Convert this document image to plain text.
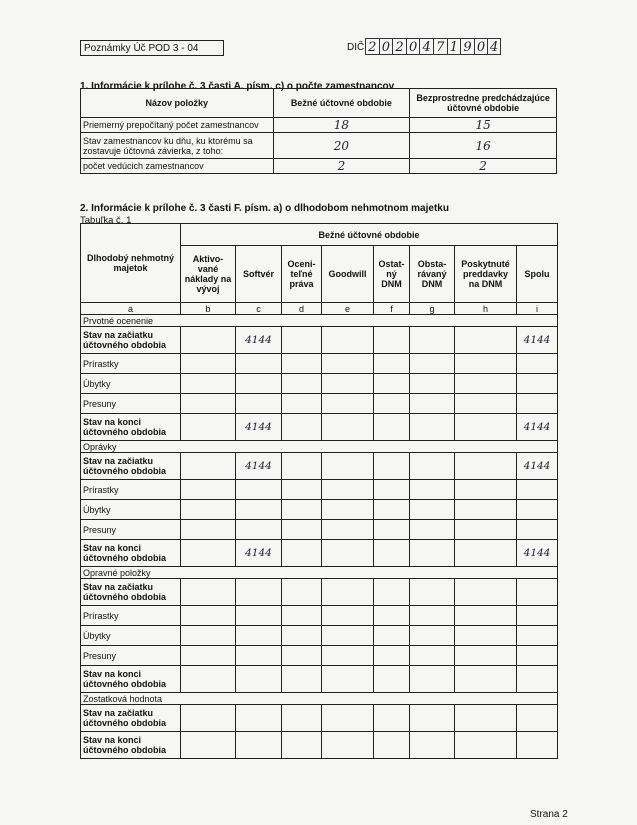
Poznámky Úč POD 3 - 04	DIČ 2 0 2 0 4 7 1 9 0 4
1. Informácie k prílohe č. 3 časti A. písm. c) o počte zamestnancov
Názov položky	Bežné účtovné obdobie	Bezprostredne predchádzajúce účtovné obdobie
Priemerný prepočítaný počet zamestnancov	18	15
Stav zamestnancov ku dňu, ku ktorému sa zostavuje účtovná závierka, z toho:	20	16
počet vedúcich zamestnancov	2	2
2. Informácie k prílohe č. 3 časti F. písm. a) o dlhodobom nehmotnom majetku
Tabuľka č. 1
Dlhodobý nehmotný majetok	Bežné účtovné obdobie							
	Aktivo-vané náklady na vývoj	Softvér	Oceni-teľné práva	Goodwill	Ostat-ný DNM	Obsta-rávaný DNM	Poskytnuté preddavky na DNM	Spolu
a	b	c	d	e	f	g	h	i
Prvotné ocenenie								
Stav na začiatku účtovného obdobia		4144						4144
Prírastky								
Úbytky								
Presuny								
Stav na konci účtovného obdobia		4144						4144
Oprávky								
Stav na začiatku účtovného obdobia		4144						4144
Prírastky								
Úbytky								
Presuny								
Stav na konci účtovného obdobia		4144						4144
Opravné položky								
Stav na začiatku účtovného obdobia								
Prírastky								
Úbytky								
Presuny								
Stav na konci účtovného obdobia								
Zostatková hodnota								
Stav na začiatku účtovného obdobia								
Stav na konci účtovného obdobia								
Strana 2
